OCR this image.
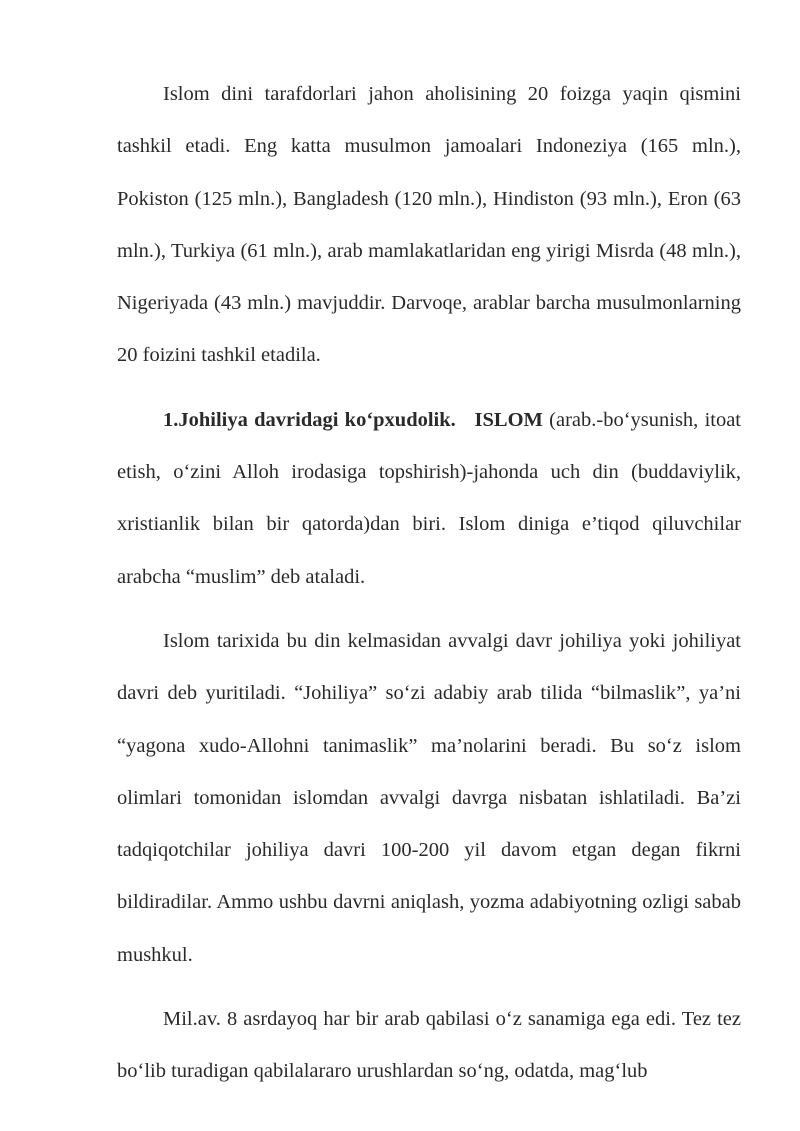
Islom dini tarafdorlari jahon aholisining 20 foizga yaqin qismini tashkil etadi. Eng katta musulmon jamoalari Indoneziya (165 mln.), Pokiston (125 mln.), Bangladesh (120 mln.), Hindiston (93 mln.), Eron (63 mln.), Turkiya (61 mln.), arab mamlakatlaridan eng yirigi Misrda (48 mln.), Nigeriyada (43 mln.) mavjuddir. Darvoqe, arablar barcha musulmonlarning 20 foizini tashkil etadila.

1.Johiliya davridagi ko‘pxudolik. ISLOM (arab.-bo‘ysunish, itoat etish, o‘zini Alloh irodasiga topshirish)-jahonda uch din (buddaviylik, xristianlik bilan bir qatorda)dan biri. Islom diniga e’tiqod qiluvchilar arabcha “muslim” deb ataladi.

Islom tarixida bu din kelmasidan avvalgi davr johiliya yoki johiliyat davri deb yuritiladi. “Johiliya” so‘zi adabiy arab tilida “bilmaslik”, ya’ni “yagona xudo-Allohni tanimaslik” ma’nolarini beradi. Bu so‘z islom olimlari tomonidan islomdan avvalgi davrga nisbatan ishlatiladi. Ba’zi tadqiqotchilar johiliya davri 100-200 yil davom etgan degan fikrni bildiradilar. Ammo ushbu davrni aniqlash, yozma adabiyotning ozligi sabab mushkul.

Mil.av. 8 asrdayoq har bir arab qabilasi o‘z sanamiga ega edi. Tez tez bo‘lib turadigan qabilalararo urushlardan so‘ng, odatda, mag‘lub
